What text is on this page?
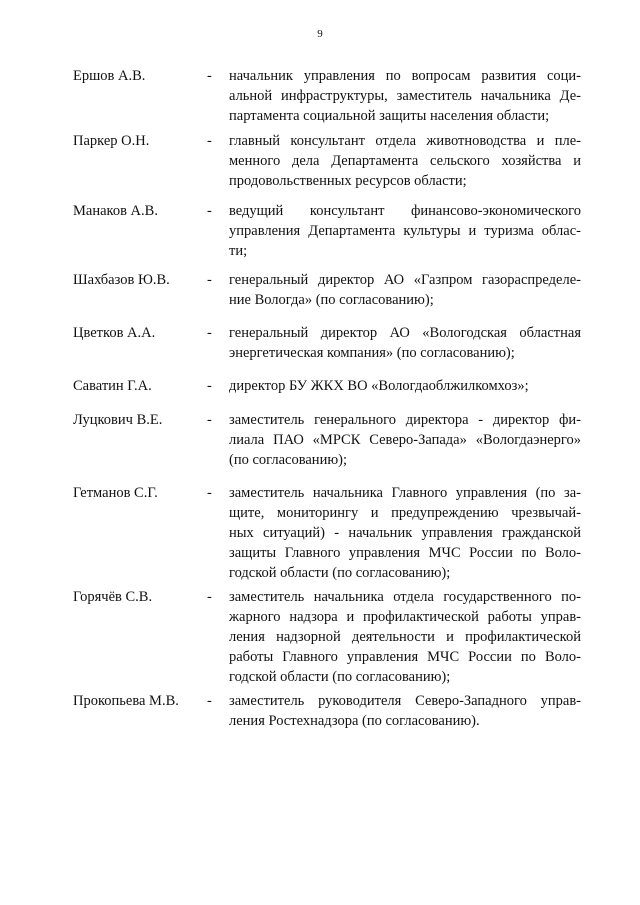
9
Ершов А.В.	- начальник управления по вопросам развития соци-
альной инфраструктуры, заместитель начальника Де-
партамента социальной защиты населения области;
Паркер О.Н.	- главный консультант отдела животноводства и пле-
менного дела Департамента сельского хозяйства и
продовольственных ресурсов области;
Манаков А.В.	- ведущий консультант финансово-экономического
управления Департамента культуры и туризма облас-
ти;
Шахбазов Ю.В.	- генеральный директор АО «Газпром газораспределе-
ние Вологда» (по согласованию);
Цветков А.А.	- генеральный директор АО «Вологодская областная
энергетическая компания» (по согласованию);
Саватин Г.А.	- директор БУ ЖКХ ВО «Вологдаоблжилкомхоз»;
Луцкович В.Е.	- заместитель генерального директора - директор фи-
лиала ПАО «МРСК Северо-Запада» «Вологдаэнерго»
(по согласованию);
Гетманов С.Г.	- заместитель начальника Главного управления (по за-
щите, мониторингу и предупреждению чрезвычай-
ных ситуаций) - начальник управления гражданской
защиты Главного управления МЧС России по Воло-
годской области (по согласованию);
Горячёв С.В.	- заместитель начальника отдела государственного по-
жарного надзора и профилактической работы управ-
ления надзорной деятельности и профилактической
работы Главного управления МЧС России по Воло-
годской области (по согласованию);
Прокопьева М.В.	- заместитель руководителя Северо-Западного управ-
ления Ростехнадзора (по согласованию).
